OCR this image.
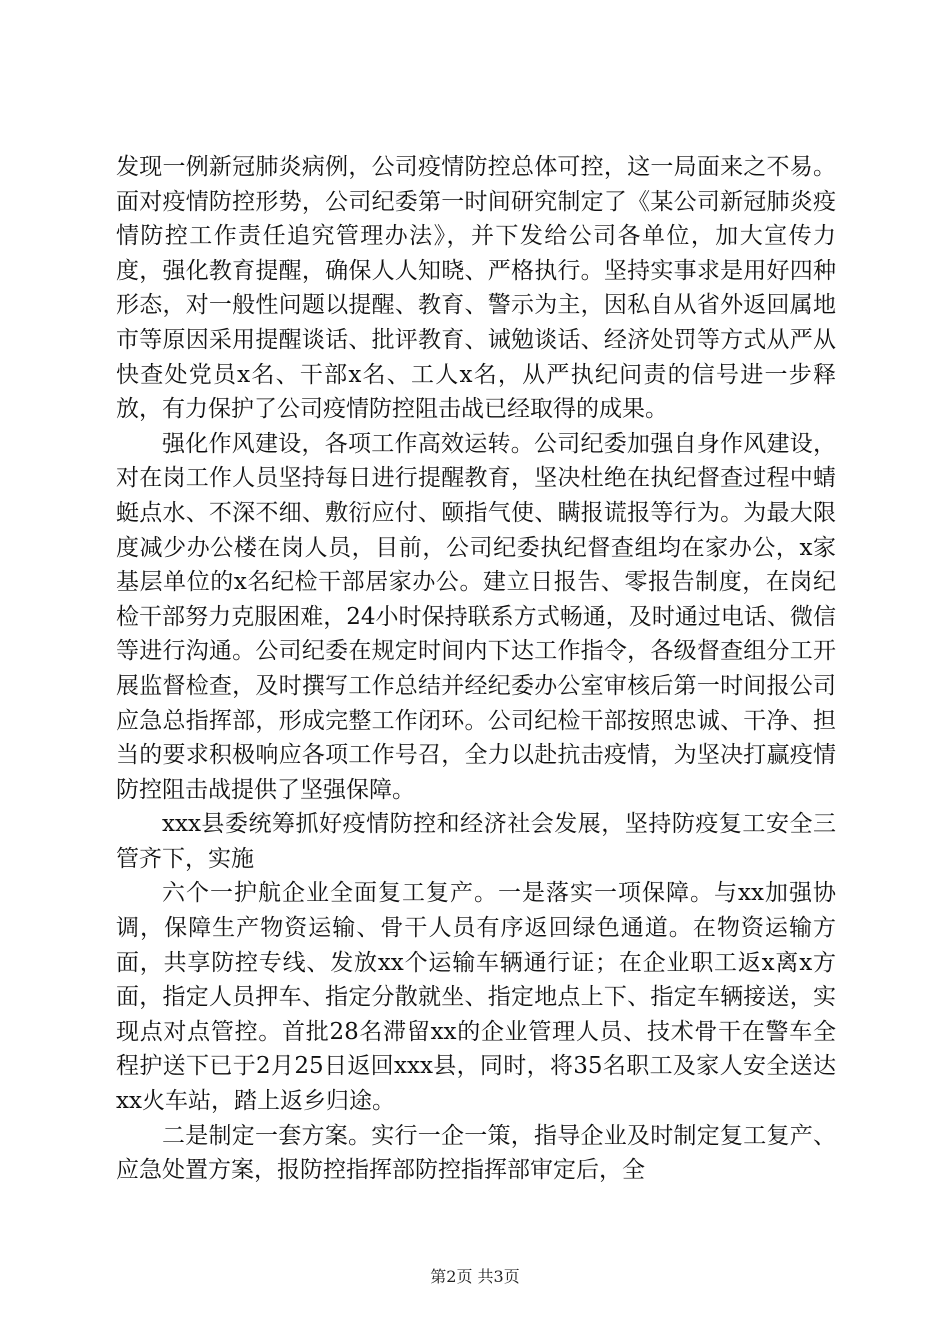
发现一例新冠肺炎病例，公司疫情防控总体可控，这一局面来之不易。面对疫情防控形势，公司纪委第一时间研究制定了《某公司新冠肺炎疫情防控工作责任追究管理办法》，并下发给公司各单位，加大宣传力度，强化教育提醒，确保人人知晓、严格执行。坚持实事求是用好四种形态，对一般性问题以提醒、教育、警示为主，因私自从省外返回属地市等原因采用提醒谈话、批评教育、诫勉谈话、经济处罚等方式从严从快查处党员x名、干部x名、工人x名，从严执纪问责的信号进一步释放，有力保护了公司疫情防控阻击战已经取得的成果。

强化作风建设，各项工作高效运转。公司纪委加强自身作风建设，对在岗工作人员坚持每日进行提醒教育，坚决杜绝在执纪督查过程中蜻蜓点水、不深不细、敷衍应付、颐指气使、瞒报谎报等行为。为最大限度减少办公楼在岗人员，目前，公司纪委执纪督查组均在家办公，x家基层单位的x名纪检干部居家办公。建立日报告、零报告制度，在岗纪检干部努力克服困难，24小时保持联系方式畅通，及时通过电话、微信等进行沟通。公司纪委在规定时间内下达工作指令，各级督查组分工开展监督检查，及时撰写工作总结并经纪委办公室审核后第一时间报公司应急总指挥部，形成完整工作闭环。公司纪检干部按照忠诚、干净、担当的要求积极响应各项工作号召，全力以赴抗击疫情，为坚决打赢疫情防控阻击战提供了坚强保障。

xxx县委统筹抓好疫情防控和经济社会发展，坚持防疫复工安全三管齐下，实施

六个一护航企业全面复工复产。一是落实一项保障。与xx加强协调，保障生产物资运输、骨干人员有序返回绿色通道。在物资运输方面，共享防控专线、发放xx个运输车辆通行证；在企业职工返x离x方面，指定人员押车、指定分散就坐、指定地点上下、指定车辆接送，实现点对点管控。首批28名滞留xx的企业管理人员、技术骨干在警车全程护送下已于2月25日返回xxx县，同时，将35名职工及家人安全送达xx火车站，踏上返乡归途。

二是制定一套方案。实行一企一策，指导企业及时制定复工复产、应急处置方案，报防控指挥部防控指挥部审定后，全

第2页 共3页
